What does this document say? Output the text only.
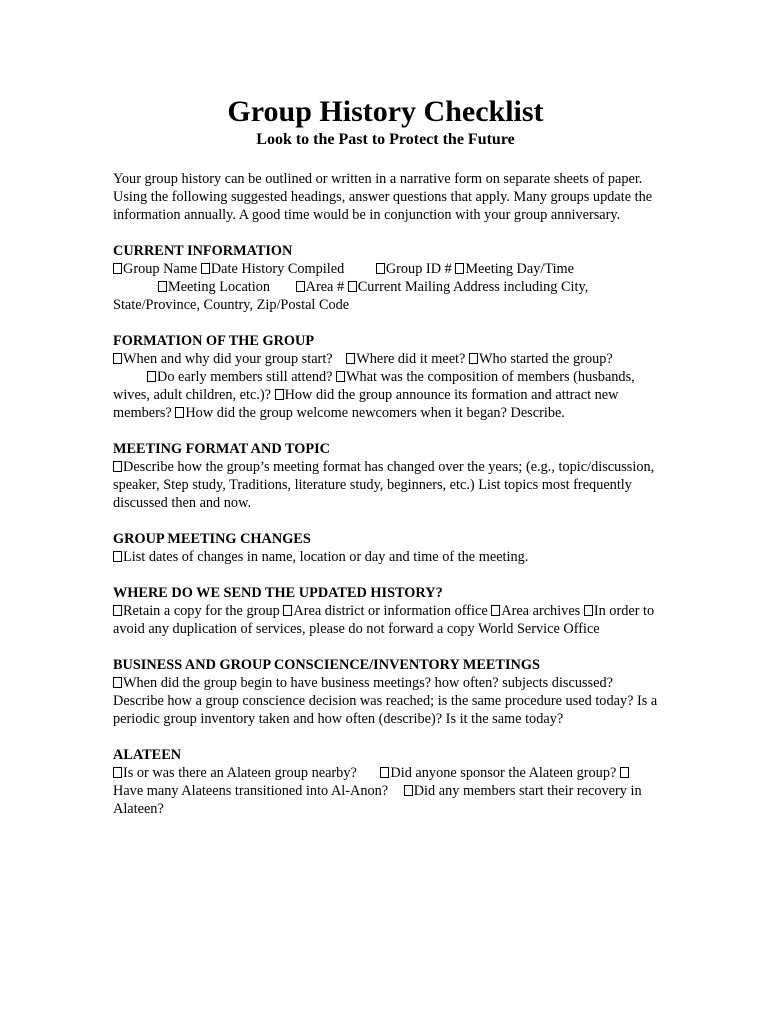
Group History Checklist

Look to the Past to Protect the Future

Your group history can be outlined or written in a narrative form on separate sheets of paper. Using the following suggested headings, answer questions that apply. Many groups update the information annually. A good time would be in conjunction with your group anniversary.

CURRENT INFORMATION

Group Name Date History Compiled	Group ID # Meeting Day/Time
Meeting Location Area # Current Mailing Address including City, State/Province, Country, Zip/Postal Code

FORMATION OF THE GROUP

When and why did your group start? Where did it meet? Who started the group?
Do early members still attend? What was the composition of members (husbands, wives, adult children, etc.)? How did the group announce its formation and attract new members? How did the group welcome newcomers when it began? Describe.

MEETING FORMAT AND TOPIC

Describe how the group’s meeting format has changed over the years; (e.g., topic/discussion, speaker, Step study, Traditions, literature study, beginners, etc.) List topics most frequently discussed then and now.

GROUP MEETING CHANGES

List dates of changes in name, location or day and time of the meeting.

WHERE DO WE SEND THE UPDATED HISTORY?

Retain a copy for the group Area district or information office Area archives In order to avoid any duplication of services, please do not forward a copy World Service Office

BUSINESS AND GROUP CONSCIENCE/INVENTORY MEETINGS

When did the group begin to have business meetings? how often? subjects discussed? Describe how a group conscience decision was reached; is the same procedure used today? Is a periodic group inventory taken and how often (describe)? Is it the same today?

ALATEEN

Is or was there an Alateen group nearby? Did anyone sponsor the Alateen group? Have many Alateens transitioned into Al-Anon? Did any members start their recovery in Alateen?
